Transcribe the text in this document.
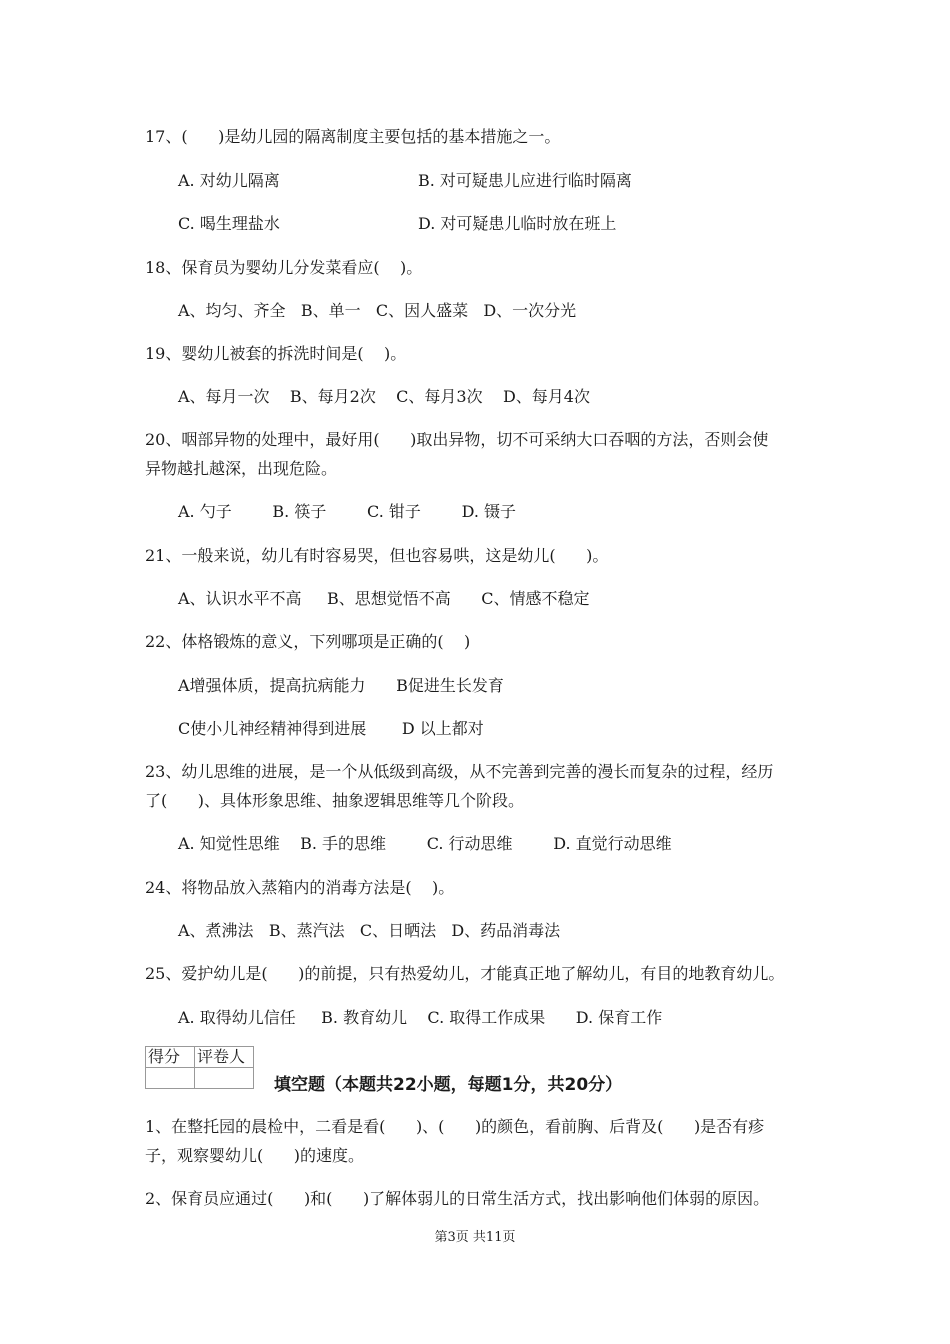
17、(      )是幼儿园的隔离制度主要包括的基本措施之一。
A. 对幼儿隔离	B. 对可疑患儿应进行临时隔离
C. 喝生理盐水	D. 对可疑患儿临时放在班上
18、保育员为婴幼儿分发菜看应(    )。
A、均匀、齐全   B、单一   C、因人盛菜   D、一次分光
19、婴幼儿被套的拆洗时间是(    )。
A、每月一次    B、每月2次    C、每月3次    D、每月4次
20、咽部异物的处理中，最好用(      )取出异物，切不可采纳大口吞咽的方法，否则会使
异物越扎越深，出现危险。
A. 勺子        B. 筷子        C. 钳子        D. 镊子
21、一般来说，幼儿有时容易哭，但也容易哄，这是幼儿(      )。
A、认识水平不高     B、思想觉悟不高      C、情感不稳定
22、体格锻炼的意义，下列哪项是正确的(    )
A增强体质，提高抗病能力      B促进生长发育
C使小儿神经精神得到进展       D 以上都对
23、幼儿思维的进展，是一个从低级到高级，从不完善到完善的漫长而复杂的过程，经历
了(      )、具体形象思维、抽象逻辑思维等几个阶段。
A. 知觉性思维    B. 手的思维        C. 行动思维        D. 直觉行动思维
24、将物品放入蒸箱内的消毒方法是(    )。
A、煮沸法   B、蒸汽法   C、日晒法   D、药品消毒法
25、爱护幼儿是(      )的前提，只有热爱幼儿，才能真正地了解幼儿，有目的地教育幼儿。
A. 取得幼儿信任     B. 教育幼儿    C. 取得工作成果      D. 保育工作
得分	评卷人

填空题（本题共22小题，每题1分，共20分）
1、在整托园的晨检中，二看是看(      )、(      )的颜色，看前胸、后背及(      )是否有疹
子，观察婴幼儿(      )的速度。
2、保育员应通过(      )和(      )了解体弱儿的日常生活方式，找出影响他们体弱的原因。
第3页 共11页
